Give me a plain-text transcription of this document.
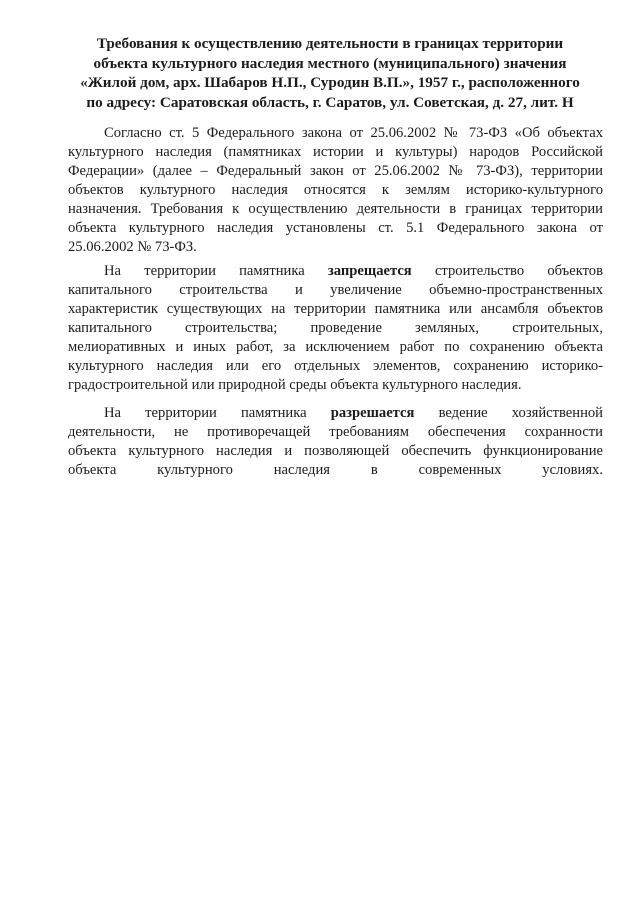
Требования к осуществлению деятельности в границах территории
объекта культурного наследия местного (муниципального) значения
«Жилой дом, арх. Шабаров Н.П., Суродин В.П.», 1957 г., расположенного
по адресу: Саратовская область, г. Саратов, ул. Советская, д. 27, лит. Н
Согласно ст. 5 Федерального закона от 25.06.2002 № 73-ФЗ «Об объектах
культурного наследия (памятниках истории и культуры) народов Российской
Федерации» (далее – Федеральный закон от 25.06.2002 № 73-ФЗ), территории
объектов культурного наследия относятся к землям историко-культурного
назначения. Требования к осуществлению деятельности в границах территории
объекта культурного наследия установлены ст. 5.1 Федерального закона от
25.06.2002 № 73-ФЗ.
На территории памятника запрещается строительство объектов
капитального строительства и увеличение объемно-пространственных
характеристик существующих на территории памятника или ансамбля объектов
капитального строительства; проведение земляных, строительных,
мелиоративных и иных работ, за исключением работ по сохранению объекта
культурного наследия или его отдельных элементов, сохранению историко-
градостроительной или природной среды объекта культурного наследия.
На территории памятника разрешается ведение хозяйственной
деятельности, не противоречащей требованиям обеспечения сохранности
объекта культурного наследия и позволяющей обеспечить функционирование
объекта культурного наследия в современных условиях.
